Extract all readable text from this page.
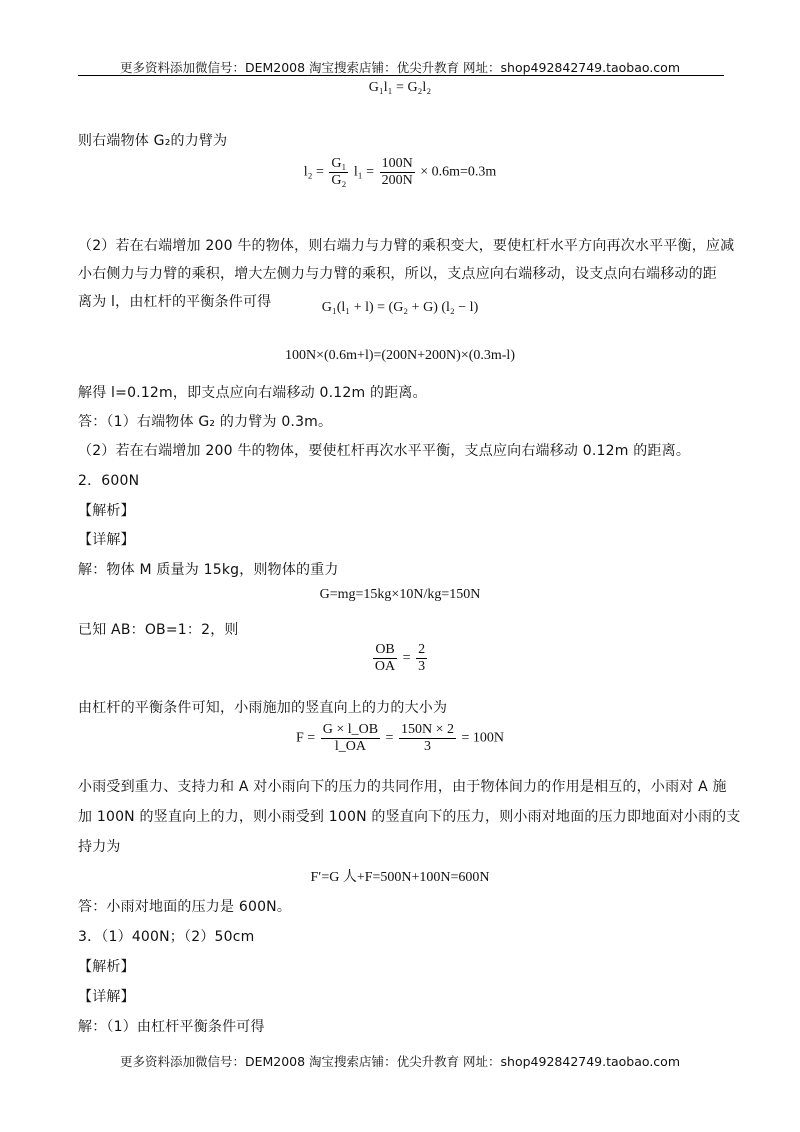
更多资料添加微信号：DEM2008 淘宝搜索店铺：优尖升教育 网址：shop492842749.taobao.com
G₁l₁ = G₂l₂
则右端物体 G₂的力臂为
$l_2 = \frac{\text{G₁}}{\text{G₂}} l_1 = \frac{100N}{200N} \times 0.6m=0.3m$
（2）若在右端增加 200 牛的物体，则右端力与力臂的乘积变大，要使杠杆水平方向再次水平平衡，应减
小右侧力与力臂的乘积，增大左侧力与力臂的乘积，所以，支点应向右端移动，设支点向右端移动的距
离为 l，由杠杆的平衡条件可得	G₁(l₁ + l) = (G₂ + G) (l₂ − l)
100N×(0.6m+l)=(200N+200N)×(0.3m-l)
解得 l=0.12m，即支点应向右端移动 0.12m 的距离。
答：（1）右端物体 G₂ 的力臂为 0.3m。
（2）若在右端增加 200 牛的物体，要使杠杆再次水平平衡，支点应向右端移动 0.12m 的距离。
2．600N
【解析】
【详解】
解：物体 M 质量为 15kg，则物体的重力
G=mg=15kg×10N/kg=150N
已知 AB：OB=1：2，则
$\frac{OB}{OA} = \frac{2}{3}$
由杠杆的平衡条件可知，小雨施加的竖直向上的力的大小为
$F = \frac{G \times l\_OB}{l\_OA} = \frac{150N \times 2}{3} = 100N$
小雨受到重力、支持力和 A 对小雨向下的压力的共同作用，由于物体间力的作用是相互的，小雨对 A 施
加 100N 的竖直向上的力，则小雨受到 100N 的竖直向下的压力，则小雨对地面的压力即地面对小雨的支
持力为
F′=G 人+F=500N+100N=600N
答：小雨对地面的压力是 600N。
3．（1）400N；（2）50cm
【解析】
【详解】
解：（1）由杠杆平衡条件可得
更多资料添加微信号：DEM2008 淘宝搜索店铺：优尖升教育 网址：shop492842749.taobao.com
